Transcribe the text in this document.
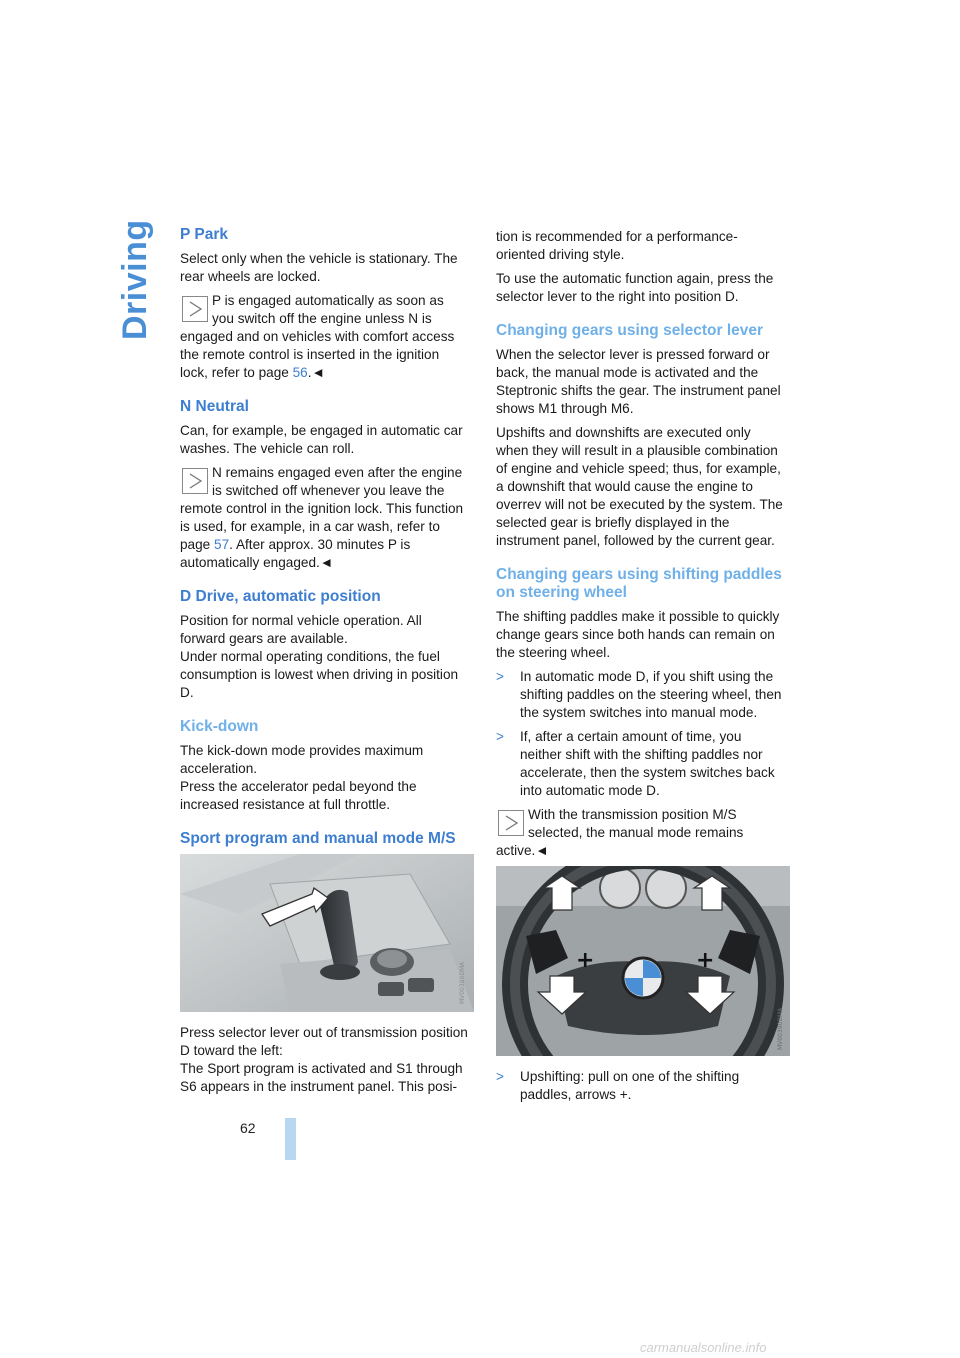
Driving P Park

Select only when the vehicle is stationary. The rear wheels are locked.

P is engaged automatically as soon as
you switch off the engine unless N is
engaged and on vehicles with comfort access the remote control is inserted in the ignition lock, refer to page 56.◄
N Neutral

Can, for example, be engaged in automatic car washes. The vehicle can roll.

N remains engaged even after the engine
is switched off whenever you leave the
remote control in the ignition lock. This function is used, for example, in a car wash, refer to page 57. After approx. 30 minutes P is automatically engaged.◄
D Drive, automatic position

Position for normal vehicle operation. All forward gears are available.

Under normal operating conditions, the fuel consumption is lowest when driving in position D.

Kick-down

The kick-down mode provides maximum acceleration.

Press the accelerator pedal beyond the increased resistance at full throttle.

Sport program and manual mode M/S
MV00380DMA

Press selector lever out of transmission position D toward the left:

The Sport program is activated and S1 through S6 appears in the instrument panel. This posi-

tion is recommended for a performance-oriented driving style.

To use the automatic function again, press the selector lever to the right into position D.

Changing gears using selector lever

When the selector lever is pressed forward or back, the manual mode is activated and the Steptronic shifts the gear. The instrument panel shows M1 through M6.

Upshifts and downshifts are executed only when they will result in a plausible combination of engine and vehicle speed; thus, for example, a downshift that would cause the engine to overrev will not be executed by the system. The selected gear is briefly displayed in the instrument panel, followed by the current gear.

Changing gears using shifting paddles on steering wheel

The shifting paddles make it possible to quickly change gears since both hands can remain on the steering wheel.

> In automatic mode D, if you shift using the shifting paddles on the steering wheel, then the system switches into manual mode.
> If, after a certain amount of time, you neither shift with the shifting paddles nor accelerate, then the system switches back into automatic mode D.
With the transmission position M/S
selected, the manual mode remains
active.◄
+	+
MV00390DMA
> Upshifting: pull on one of the shifting paddles, arrows +.
62
carmanualsonline.info
